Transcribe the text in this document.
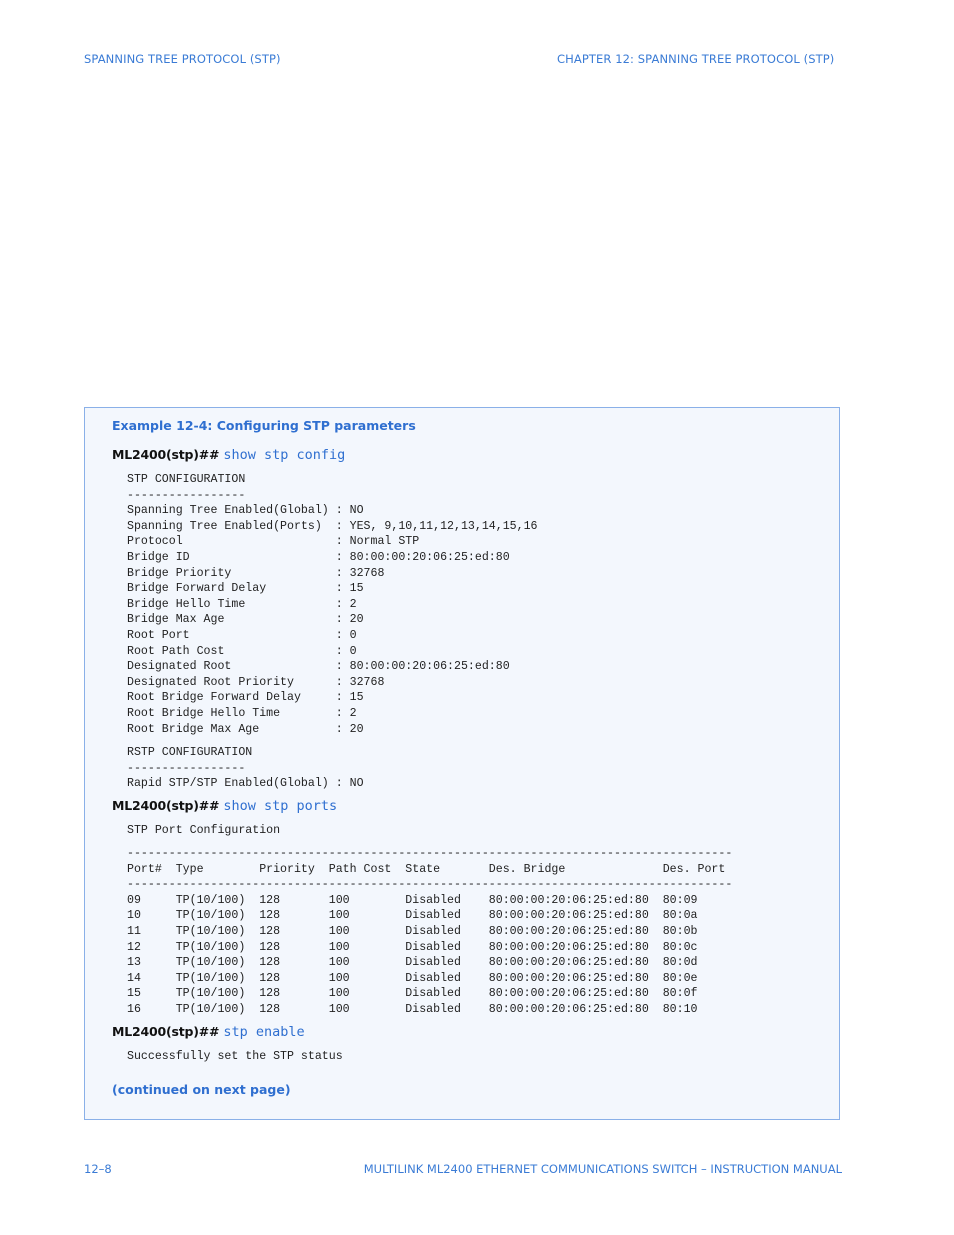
SPANNING TREE PROTOCOL (STP)	CHAPTER 12: SPANNING TREE PROTOCOL (STP)
Example 12-4: Configuring STP parameters
ML2400(stp)## show stp config
STP CONFIGURATION
-----------------
Spanning Tree Enabled(Global) : NO
Spanning Tree Enabled(Ports)  : YES, 9,10,11,12,13,14,15,16
Protocol                      : Normal STP
Bridge ID                     : 80:00:00:20:06:25:ed:80
Bridge Priority               : 32768
Bridge Forward Delay          : 15
Bridge Hello Time             : 2
Bridge Max Age                : 20
Root Port                     : 0
Root Path Cost                : 0
Designated Root               : 80:00:00:20:06:25:ed:80
Designated Root Priority      : 32768
Root Bridge Forward Delay     : 15
Root Bridge Hello Time        : 2
Root Bridge Max Age           : 20
RSTP CONFIGURATION
-----------------
Rapid STP/STP Enabled(Global) : NO
ML2400(stp)## show stp ports
STP Port Configuration
---------------------------------------------------------------------------------------
Port#  Type        Priority  Path Cost  State       Des. Bridge              Des. Port
---------------------------------------------------------------------------------------
09     TP(10/100)  128       100        Disabled    80:00:00:20:06:25:ed:80  80:09
10     TP(10/100)  128       100        Disabled    80:00:00:20:06:25:ed:80  80:0a
11     TP(10/100)  128       100        Disabled    80:00:00:20:06:25:ed:80  80:0b
12     TP(10/100)  128       100        Disabled    80:00:00:20:06:25:ed:80  80:0c
13     TP(10/100)  128       100        Disabled    80:00:00:20:06:25:ed:80  80:0d
14     TP(10/100)  128       100        Disabled    80:00:00:20:06:25:ed:80  80:0e
15     TP(10/100)  128       100        Disabled    80:00:00:20:06:25:ed:80  80:0f
16     TP(10/100)  128       100        Disabled    80:00:00:20:06:25:ed:80  80:10
ML2400(stp)## stp enable
Successfully set the STP status
(continued on next page)
12–8	MULTILINK ML2400 ETHERNET COMMUNICATIONS SWITCH – INSTRUCTION MANUAL
